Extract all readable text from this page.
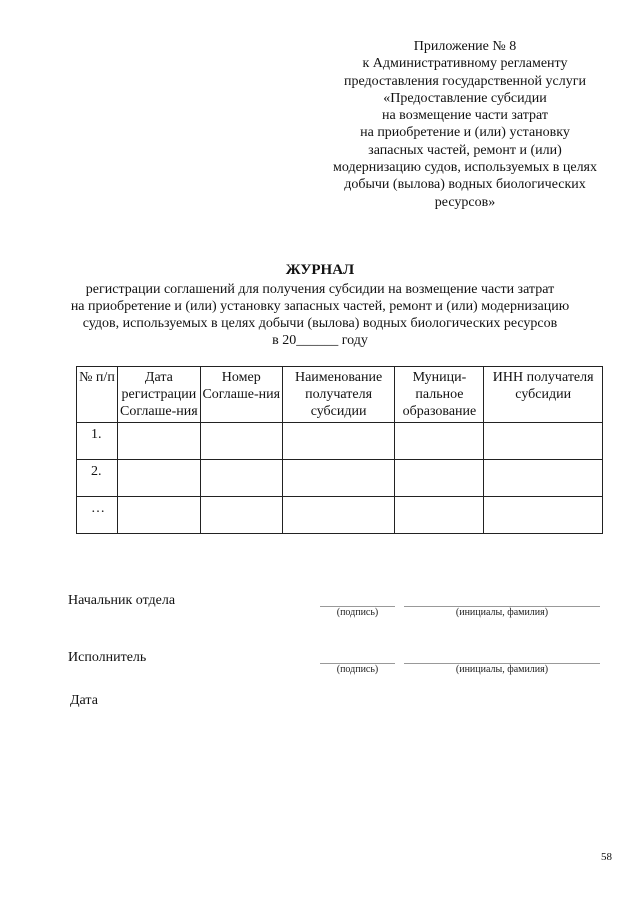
Приложение № 8
к Административному регламенту
предоставления государственной услуги
«Предоставление субсидии
на возмещение части затрат
на приобретение и (или) установку
запасных частей, ремонт и (или)
модернизацию судов, используемых в целях
добычи (вылова) водных биологических
ресурсов»
ЖУРНАЛ
регистрации соглашений для получения субсидии на возмещение части затрат
на приобретение и (или) установку запасных частей, ремонт и (или) модернизацию
судов, используемых в целях добычи (вылова) водных биологических ресурсов
в 20______ году
№ п/п	Дата регистрации Соглаше-ния	Номер Соглаше-ния	Наименование получателя субсидии	Муници-пальное образование	ИНН получателя субсидии
1.					
2.					
…					
Начальник отдела
(подпись)	(инициалы, фамилия)
Исполнитель
(подпись)	(инициалы, фамилия)
Дата
58
